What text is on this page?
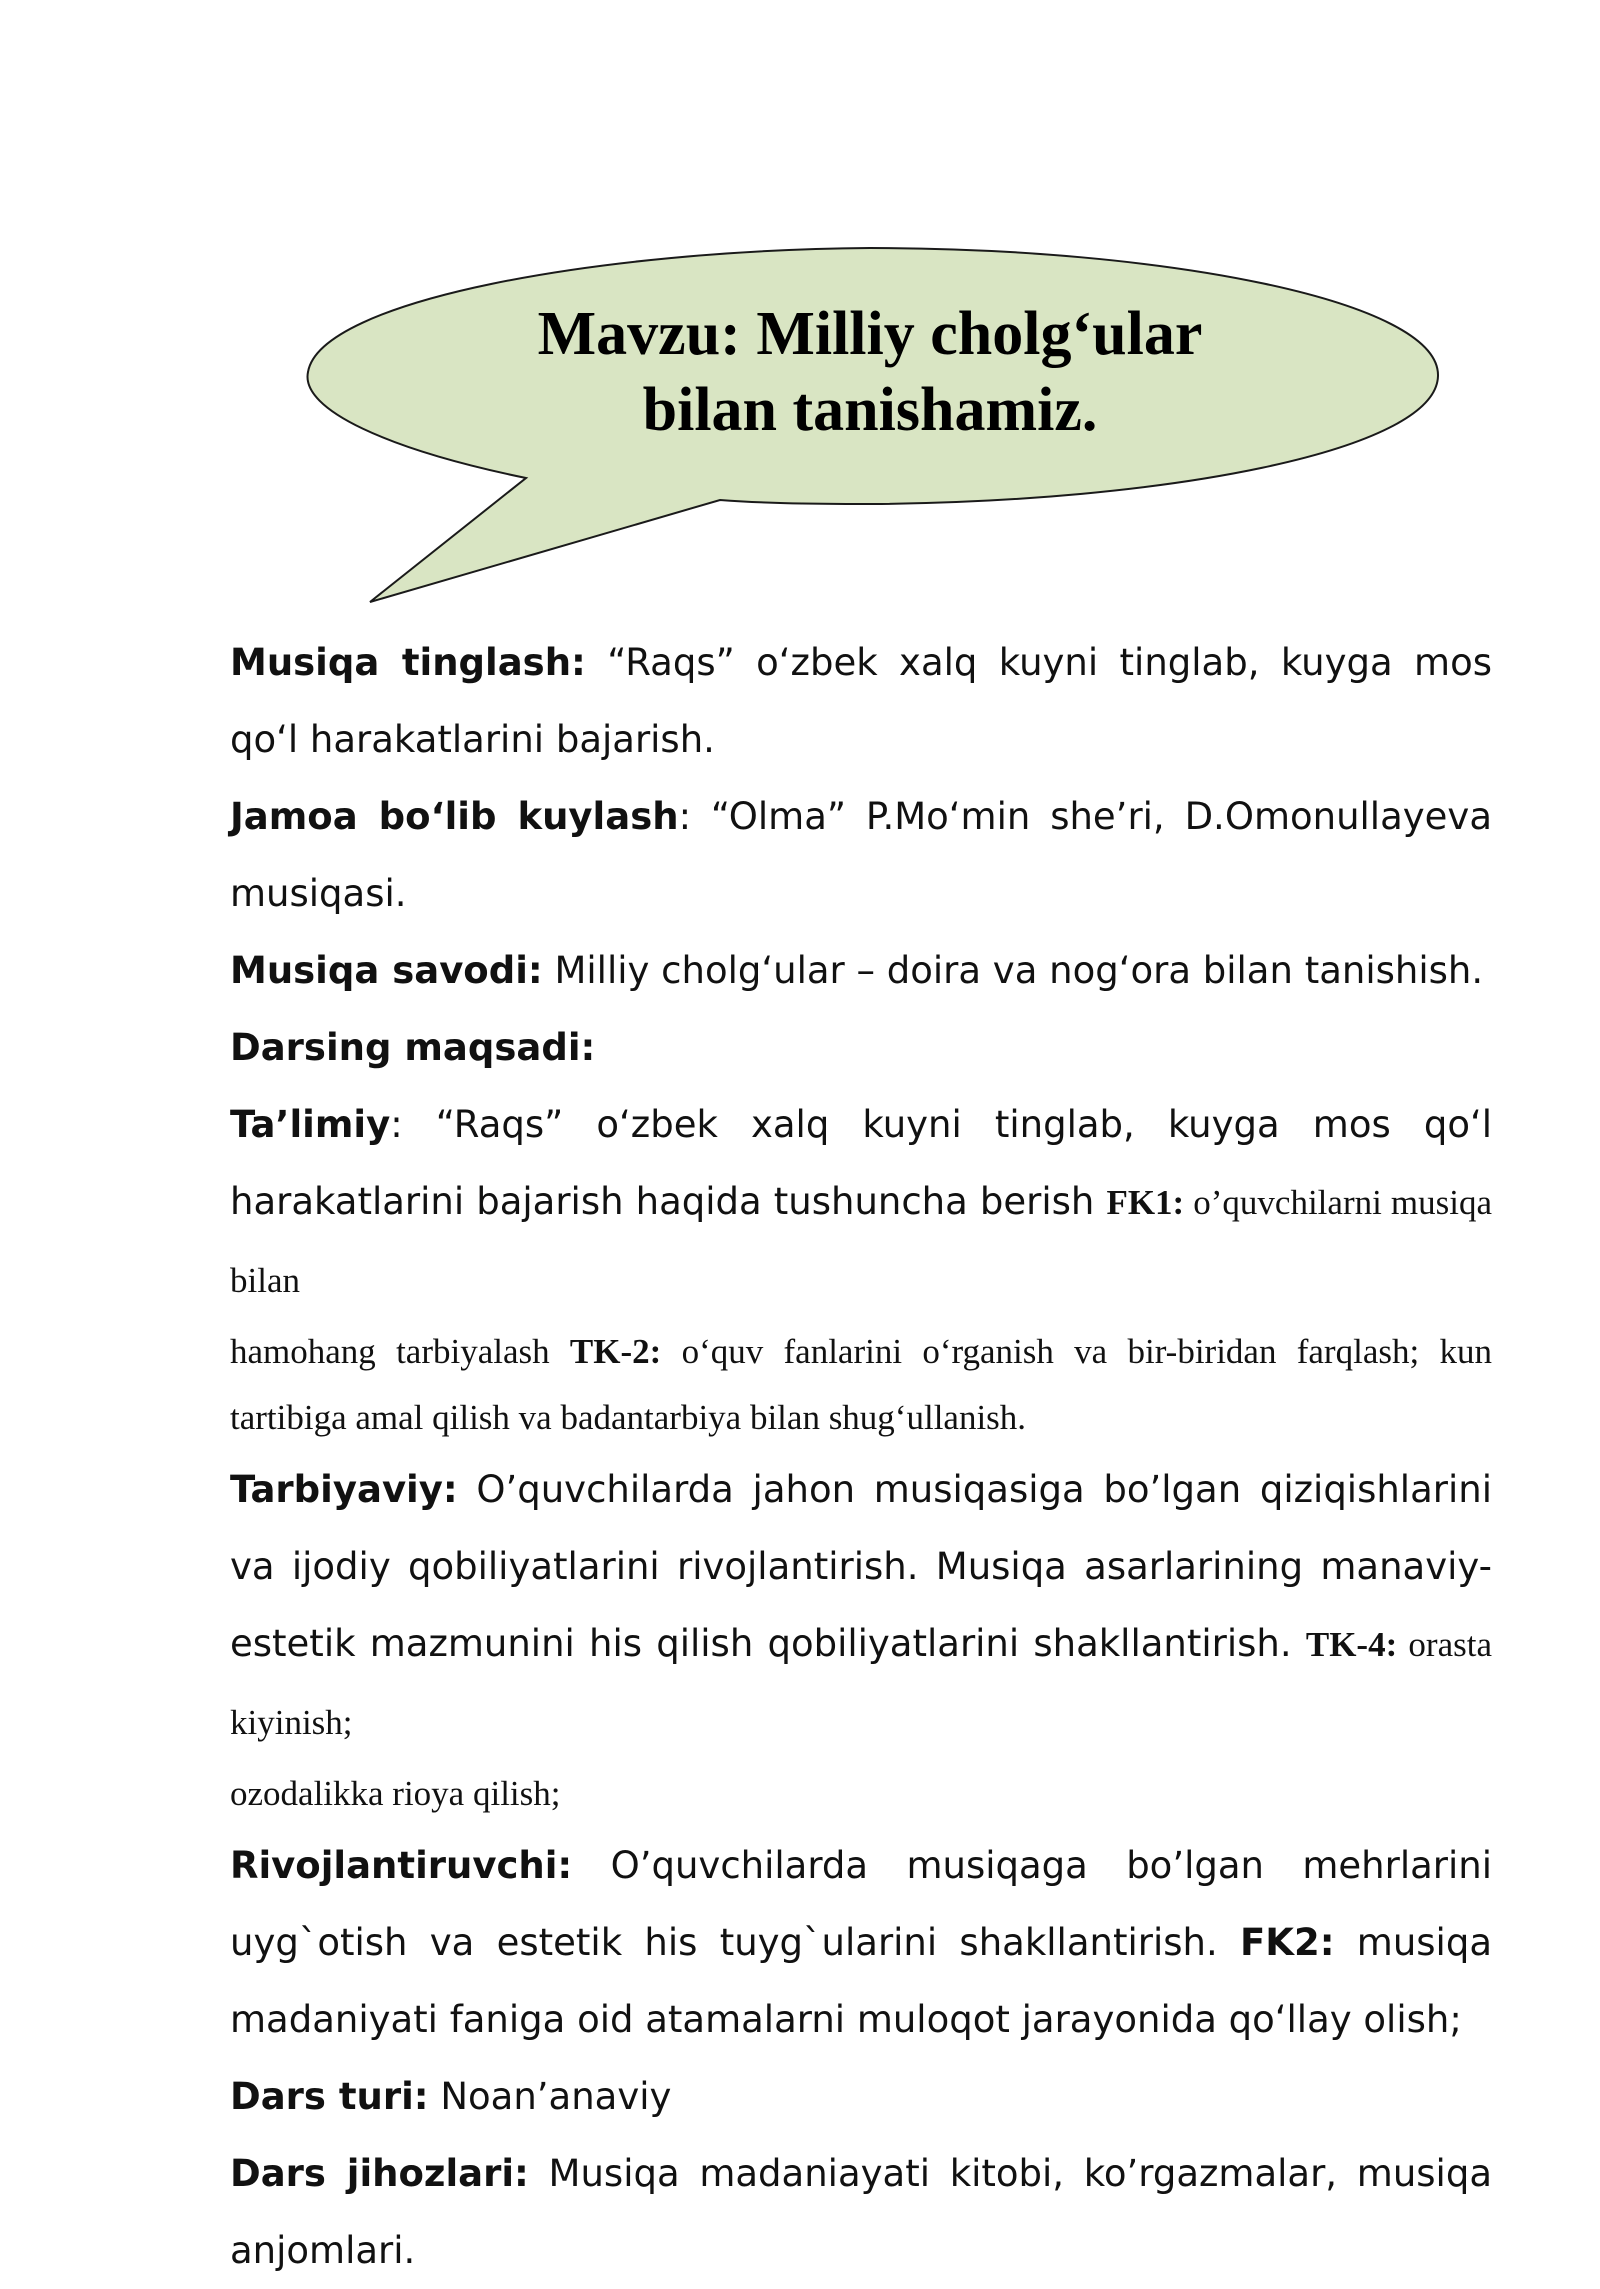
Mavzu: Milliy cholg‘ular
bilan tanishamiz.

Musiqa tinglash: “Raqs” o‘zbek xalq kuyni tinglab, kuyga mos qo‘l harakatlarini bajarish.

Jamoa bo‘lib kuylash: “Olma” P.Mo‘min she’ri, D.Omonullayeva musiqasi.

Musiqa savodi: Milliy cholg‘ular – doira va nog‘ora bilan tanishish.

Darsing maqsadi:

Ta’limiy: “Raqs” o‘zbek xalq kuyni tinglab, kuyga mos qo‘l harakatlarini bajarish haqida tushuncha berish FK1: o’quvchilarni musiqa bilan

hamohang tarbiyalash TK-2: o‘quv fanlarini o‘rganish va bir-biridan farqlash; kun tartibiga amal qilish va badantarbiya bilan shug‘ullanish.

Tarbiyaviy: O’quvchilarda jahon musiqasiga bo’lgan qiziqishlarini va ijodiy qobiliyatlarini rivojlantirish. Musiqa asarlarining manaviy-estetik mazmunini his qilish qobiliyatlarini shakllantirish. TK-4: orasta kiyinish;

ozodalikka rioya qilish;

Rivojlantiruvchi: O’quvchilarda musiqaga bo’lgan mehrlarini uyg`otish va estetik his tuyg`ularini shakllantirish. FK2: musiqa madaniyati faniga oid atamalarni muloqot jarayonida qo‘llay olish;

Dars turi: Noan’anaviy

Dars jihozlari: Musiqa madaniayati kitobi, ko’rgazmalar, musiqa anjomlari.
